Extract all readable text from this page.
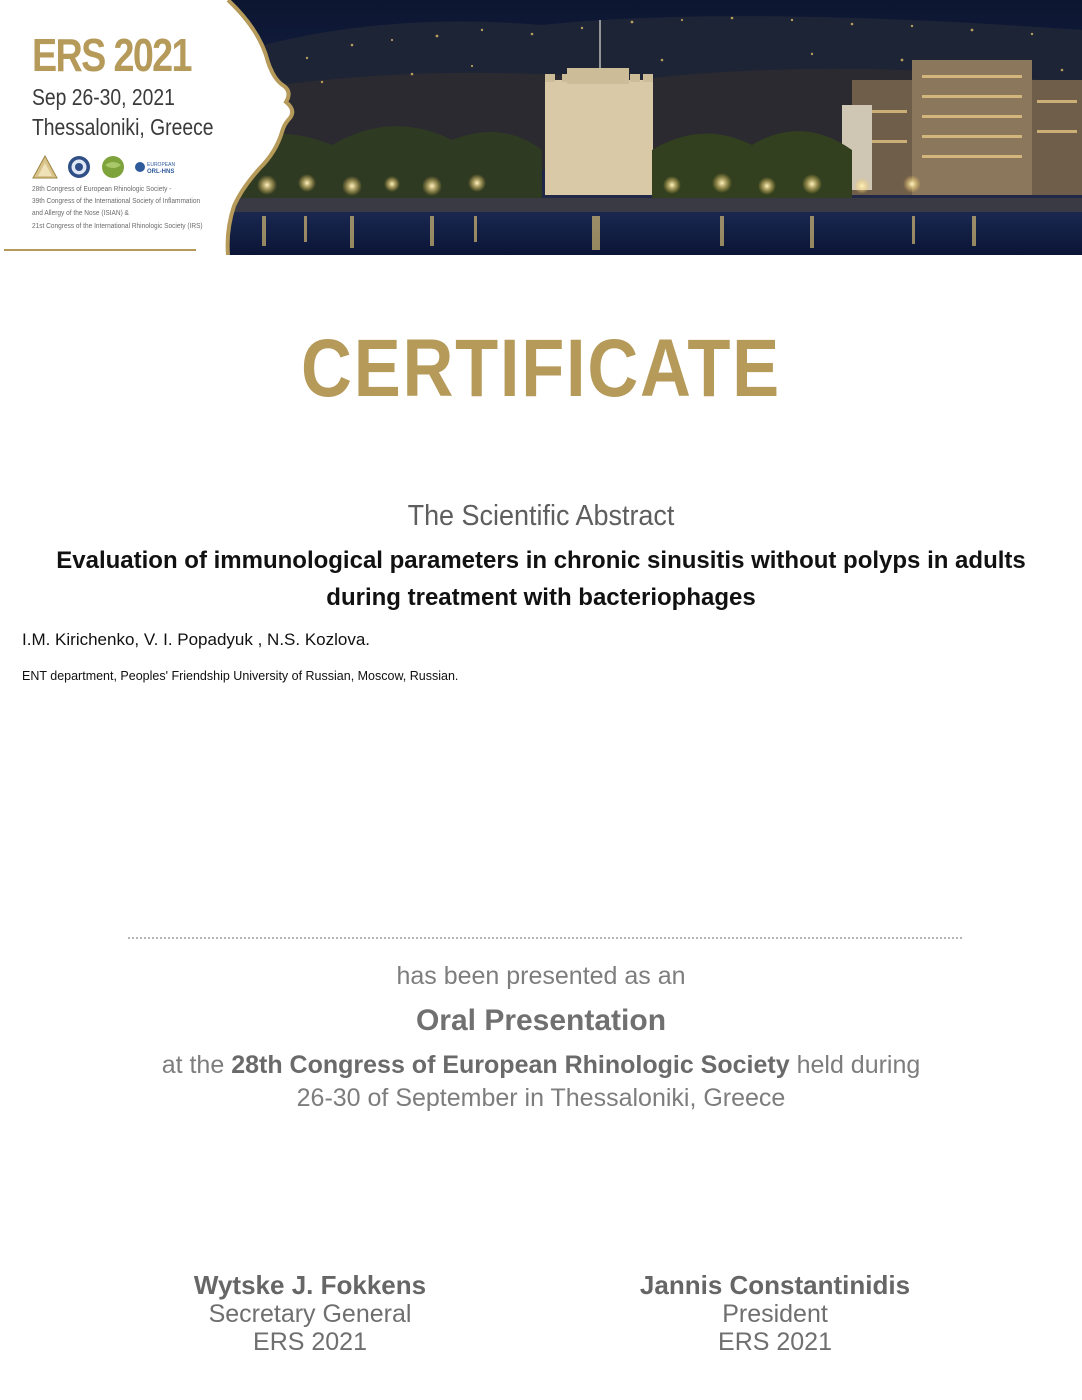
ERS 2021
Sep 26-30, 2021
Thessaloniki, Greece
EUROPEAN
ORL-HNS
28th Congress of European Rhinologic Society -
39th Congress of the International Society of Inflammation
and Allergy of the Nose (ISIAN) &
21st Congress of the International Rhinologic Society (IRS)
CERTIFICATE
The Scientific Abstract
Evaluation of immunological parameters in chronic sinusitis without polyps in adults during treatment with bacteriophages
I.M. Kirichenko, V. I. Popadyuk , N.S. Kozlova.
ENT department, Peoples' Friendship University of Russian, Moscow, Russian.
has been presented as an
Oral Presentation
at the 28th Congress of European Rhinologic Society held during
26-30 of September in Thessaloniki, Greece
Wytske J. Fokkens
Secretary General
ERS 2021
Jannis Constantinidis
President
ERS 2021
